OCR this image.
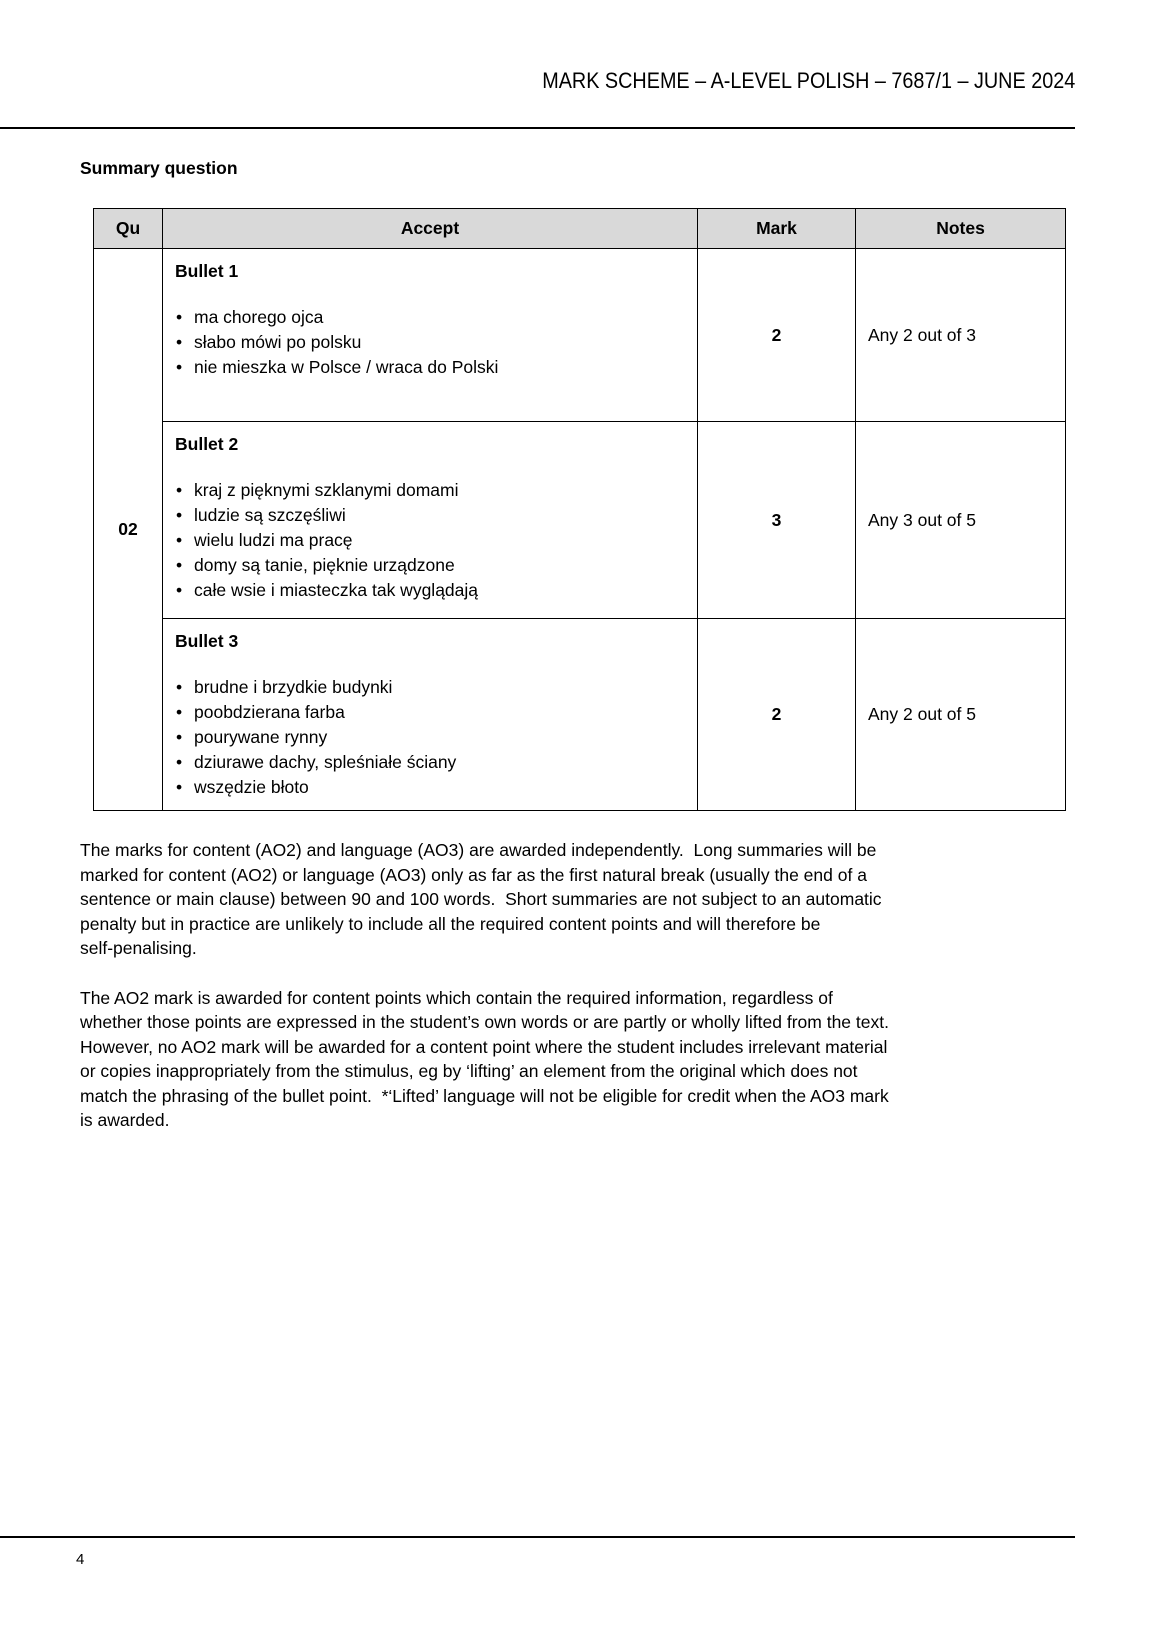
MARK SCHEME – A-LEVEL POLISH – 7687/1 – JUNE 2024
Summary question
Qu	Accept	Mark	Notes
02	
Bullet 1
• ma chorego ojca
• słabo mówi po polsku
• nie mieszka w Polsce / wraca do Polski
	2	Any 2 out of 3

Bullet 2
• kraj z pięknymi szklanymi domami
• ludzie są szczęśliwi
• wielu ludzi ma pracę
• domy są tanie, pięknie urządzone
• całe wsie i miasteczka tak wyglądają
	3	Any 3 out of 5

Bullet 3
• brudne i brzydkie budynki
• poobdzierana farba
• pourywane rynny
• dziurawe dachy, spleśniałe ściany
• wszędzie błoto
	2	Any 2 out of 5
The marks for content (AO2) and language (AO3) are awarded independently.  Long summaries will be
marked for content (AO2) or language (AO3) only as far as the first natural break (usually the end of a
sentence or main clause) between 90 and 100 words.  Short summaries are not subject to an automatic
penalty but in practice are unlikely to include all the required content points and will therefore be
self-penalising.
The AO2 mark is awarded for content points which contain the required information, regardless of
whether those points are expressed in the student’s own words or are partly or wholly lifted from the text.
However, no AO2 mark will be awarded for a content point where the student includes irrelevant material
or copies inappropriately from the stimulus, eg by ‘lifting’ an element from the original which does not
match the phrasing of the bullet point.  *‘Lifted’ language will not be eligible for credit when the AO3 mark
is awarded.
4
